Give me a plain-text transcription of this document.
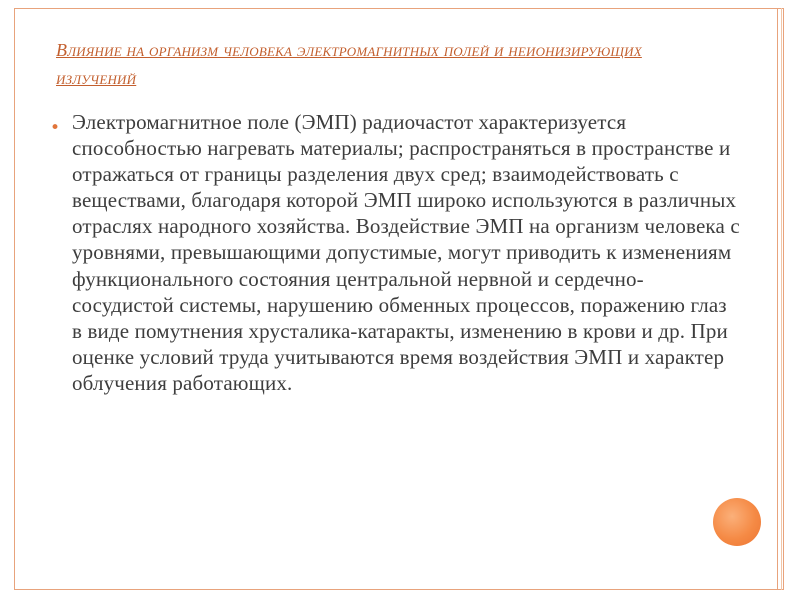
Влияние на организм человека электромагнитных полей и неионизирующих излучений
• Электромагнитное поле (ЭМП) радиочастот характеризуется способностью нагревать материалы; распространяться в пространстве и отражаться от границы разделения двух сред; взаимодействовать с веществами, благодаря которой ЭМП широко используются в различных отраслях народного хозяйства. Воздействие ЭМП на организм человека с уровнями, превышающими допустимые, могут приводить к изменениям функционального состояния центральной нервной и сердечно-сосудистой системы, нарушению обменных процессов, поражению глаз в виде помутнения хрусталика-катаракты, изменению в крови и др. При оценке условий труда учитываются время воздействия ЭМП и характер облучения работающих.
